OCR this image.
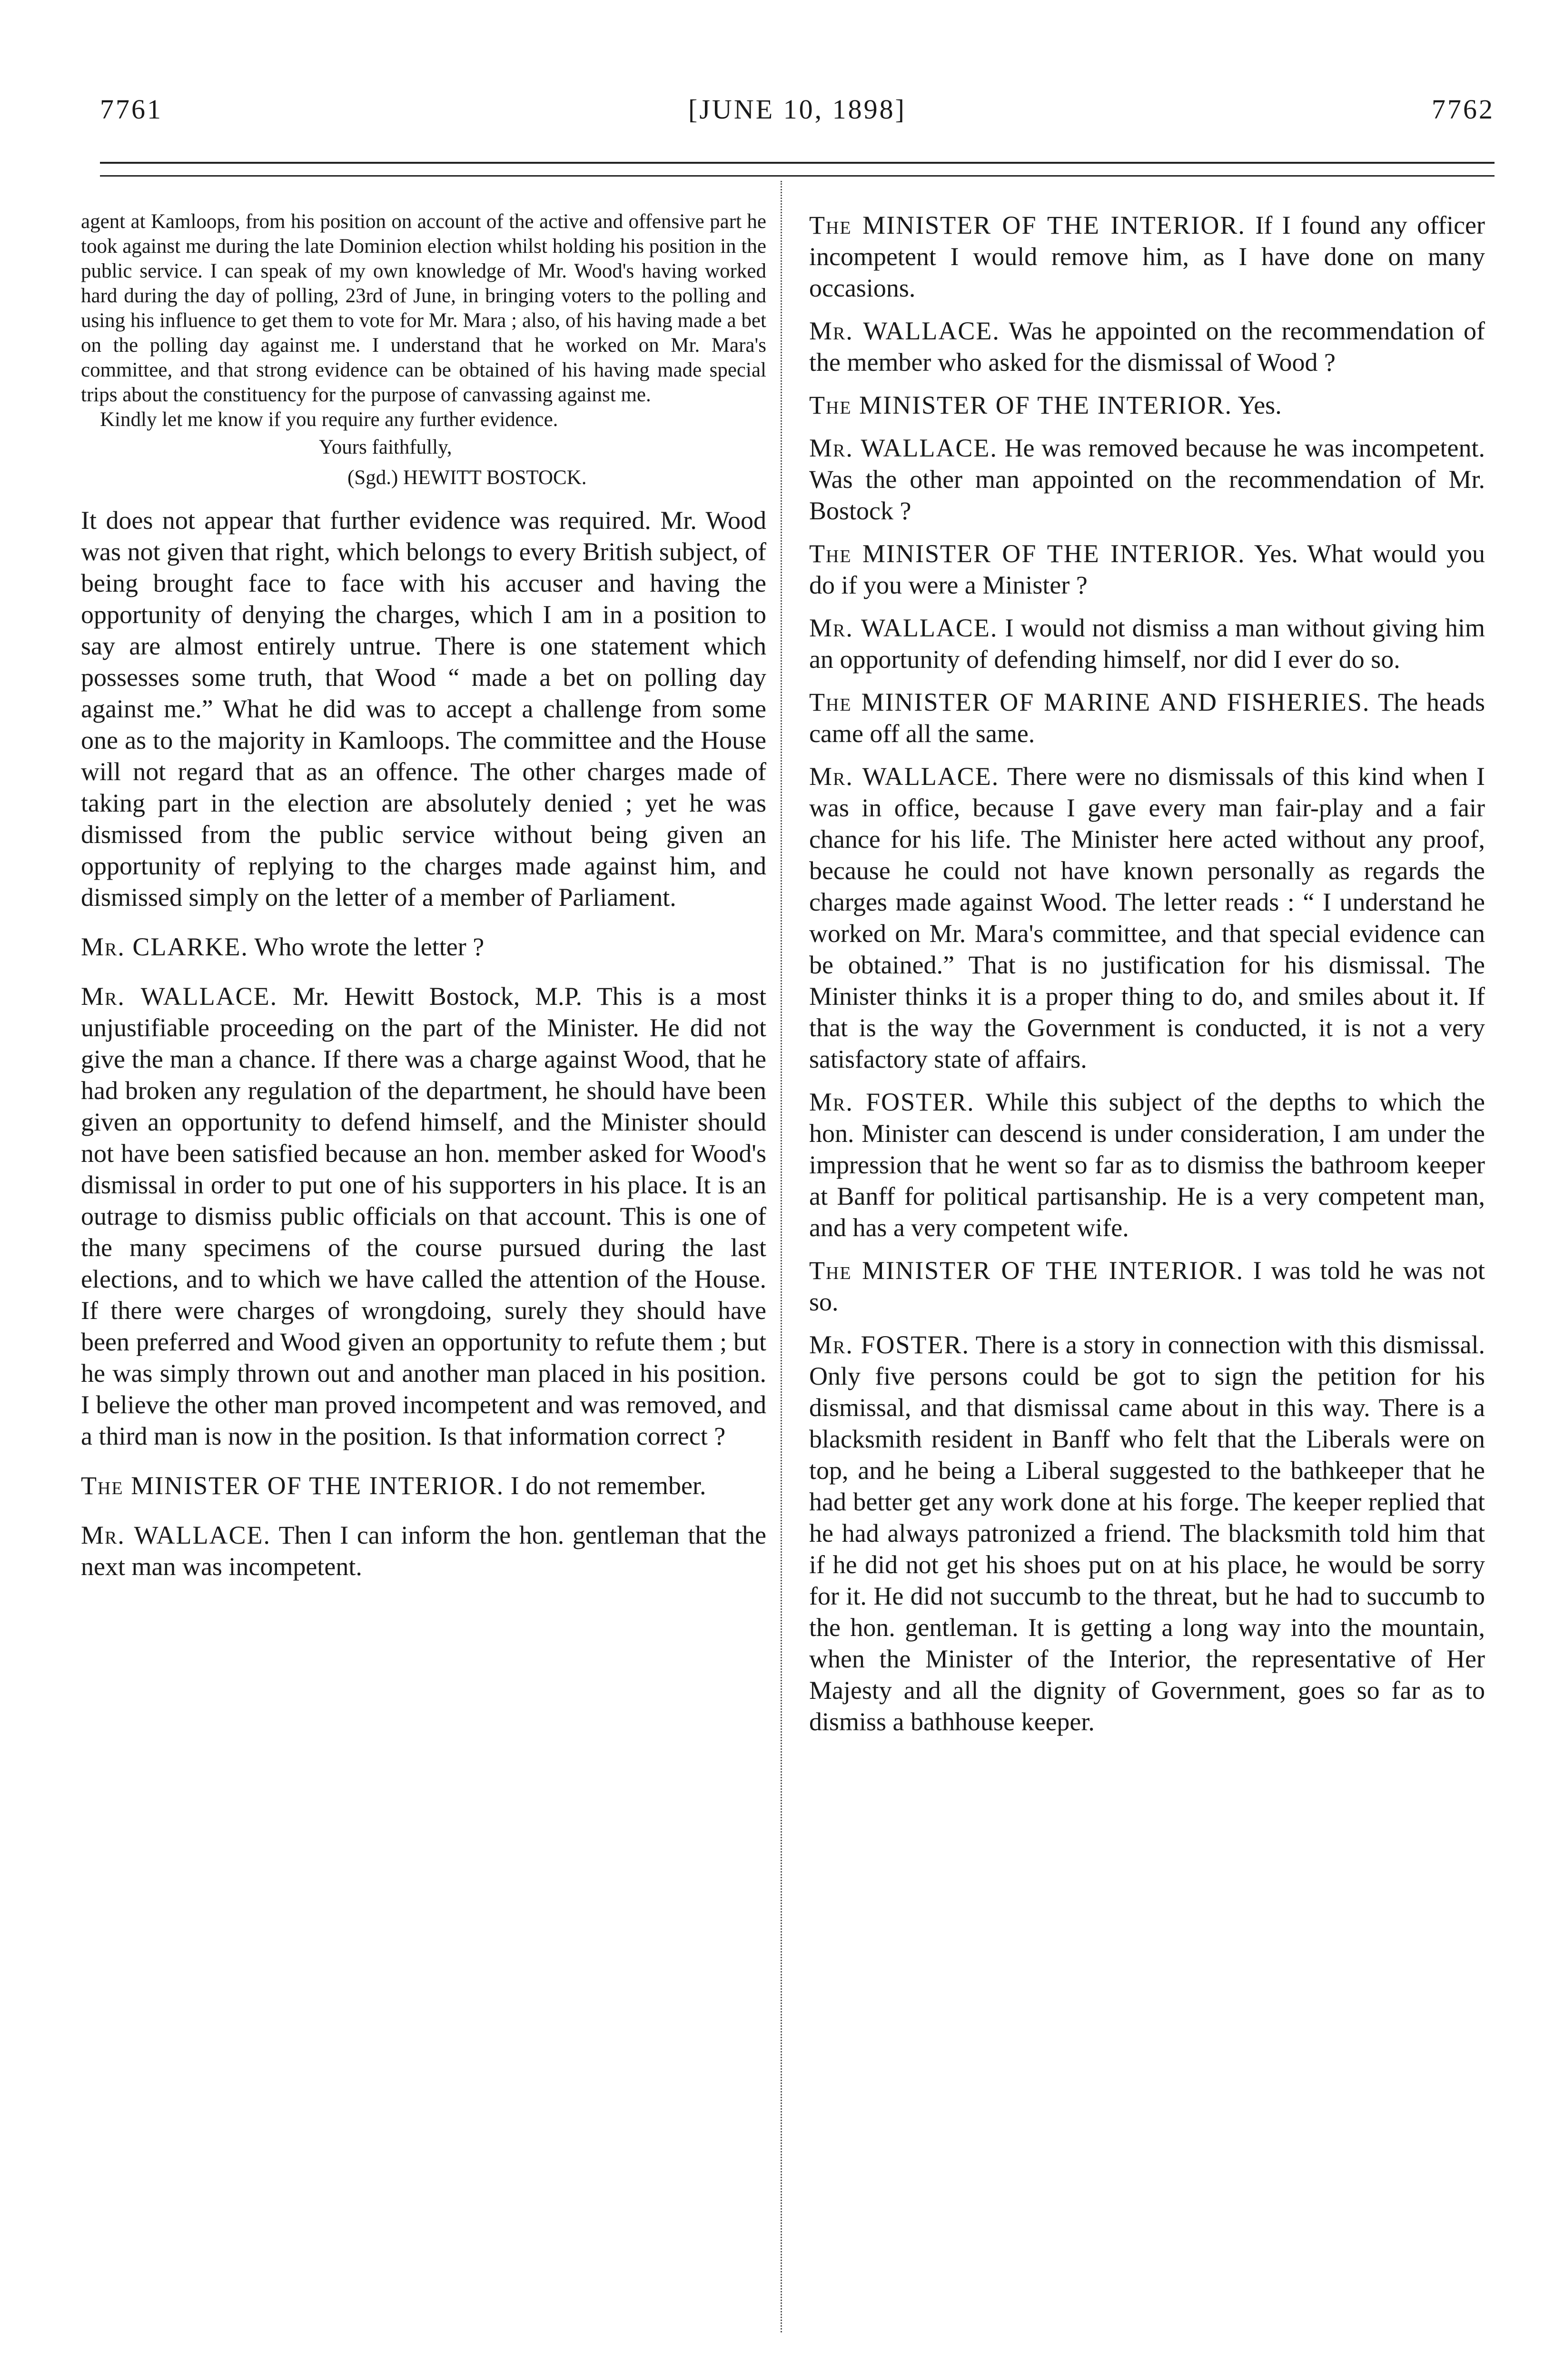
7761	[JUNE 10, 1898]	7762

agent at Kamloops, from his position on account of the active and offensive part he took against me during the late Dominion election whilst holding his position in the public service. I can speak of my own knowledge of Mr. Wood's having worked hard during the day of polling, 23rd of June, in bringing voters to the polling and using his influence to get them to vote for Mr. Mara ; also, of his having made a bet on the polling day against me. I understand that he worked on Mr. Mara's committee, and that strong evidence can be obtained of his having made special trips about the constituency for the purpose of canvassing against me.

Kindly let me know if you require any further evidence.

Yours faithfully,
(Sgd.) HEWITT BOSTOCK.

It does not appear that further evidence was required. Mr. Wood was not given that right, which belongs to every British subject, of being brought face to face with his accuser and having the opportunity of denying the charges, which I am in a position to say are almost entirely untrue. There is one statement which possesses some truth, that Wood “ made a bet on polling day against me.” What he did was to accept a challenge from some one as to the majority in Kamloops. The committee and the House will not regard that as an offence. The other charges made of taking part in the election are absolutely denied ; yet he was dismissed from the public service without being given an opportunity of replying to the charges made against him, and dismissed simply on the letter of a member of Parliament.

Mr. CLARKE. Who wrote the letter ?

Mr. WALLACE. Mr. Hewitt Bostock, M.P. This is a most unjustifiable proceeding on the part of the Minister. He did not give the man a chance. If there was a charge against Wood, that he had broken any regulation of the department, he should have been given an opportunity to defend himself, and the Minister should not have been satisfied because an hon. member asked for Wood's dismissal in order to put one of his supporters in his place. It is an outrage to dismiss public officials on that account. This is one of the many specimens of the course pursued during the last elections, and to which we have called the attention of the House. If there were charges of wrongdoing, surely they should have been preferred and Wood given an opportunity to refute them ; but he was simply thrown out and another man placed in his position. I believe the other man proved incompetent and was removed, and a third man is now in the position. Is that information correct ?

The MINISTER OF THE INTERIOR. I do not remember.

Mr. WALLACE. Then I can inform the hon. gentleman that the next man was incompetent.

The MINISTER OF THE INTERIOR. If I found any officer incompetent I would remove him, as I have done on many occasions.

Mr. WALLACE. Was he appointed on the recommendation of the member who asked for the dismissal of Wood ?

The MINISTER OF THE INTERIOR. Yes.

Mr. WALLACE. He was removed because he was incompetent. Was the other man appointed on the recommendation of Mr. Bostock ?

The MINISTER OF THE INTERIOR. Yes. What would you do if you were a Minister ?

Mr. WALLACE. I would not dismiss a man without giving him an opportunity of defending himself, nor did I ever do so.

The MINISTER OF MARINE AND FISHERIES. The heads came off all the same.

Mr. WALLACE. There were no dismissals of this kind when I was in office, because I gave every man fair-play and a fair chance for his life. The Minister here acted without any proof, because he could not have known personally as regards the charges made against Wood. The letter reads : “ I understand he worked on Mr. Mara's committee, and that special evidence can be obtained.” That is no justification for his dismissal. The Minister thinks it is a proper thing to do, and smiles about it. If that is the way the Government is conducted, it is not a very satisfactory state of affairs.

Mr. FOSTER. While this subject of the depths to which the hon. Minister can descend is under consideration, I am under the impression that he went so far as to dismiss the bathroom keeper at Banff for political partisanship. He is a very competent man, and has a very competent wife.

The MINISTER OF THE INTERIOR. I was told he was not so.

Mr. FOSTER. There is a story in connection with this dismissal. Only five persons could be got to sign the petition for his dismissal, and that dismissal came about in this way. There is a blacksmith resident in Banff who felt that the Liberals were on top, and he being a Liberal suggested to the bathkeeper that he had better get any work done at his forge. The keeper replied that he had always patronized a friend. The blacksmith told him that if he did not get his shoes put on at his place, he would be sorry for it. He did not succumb to the threat, but he had to succumb to the hon. gentleman. It is getting a long way into the mountain, when the Minister of the Interior, the representative of Her Majesty and all the dignity of Government, goes so far as to dismiss a bathhouse keeper.
